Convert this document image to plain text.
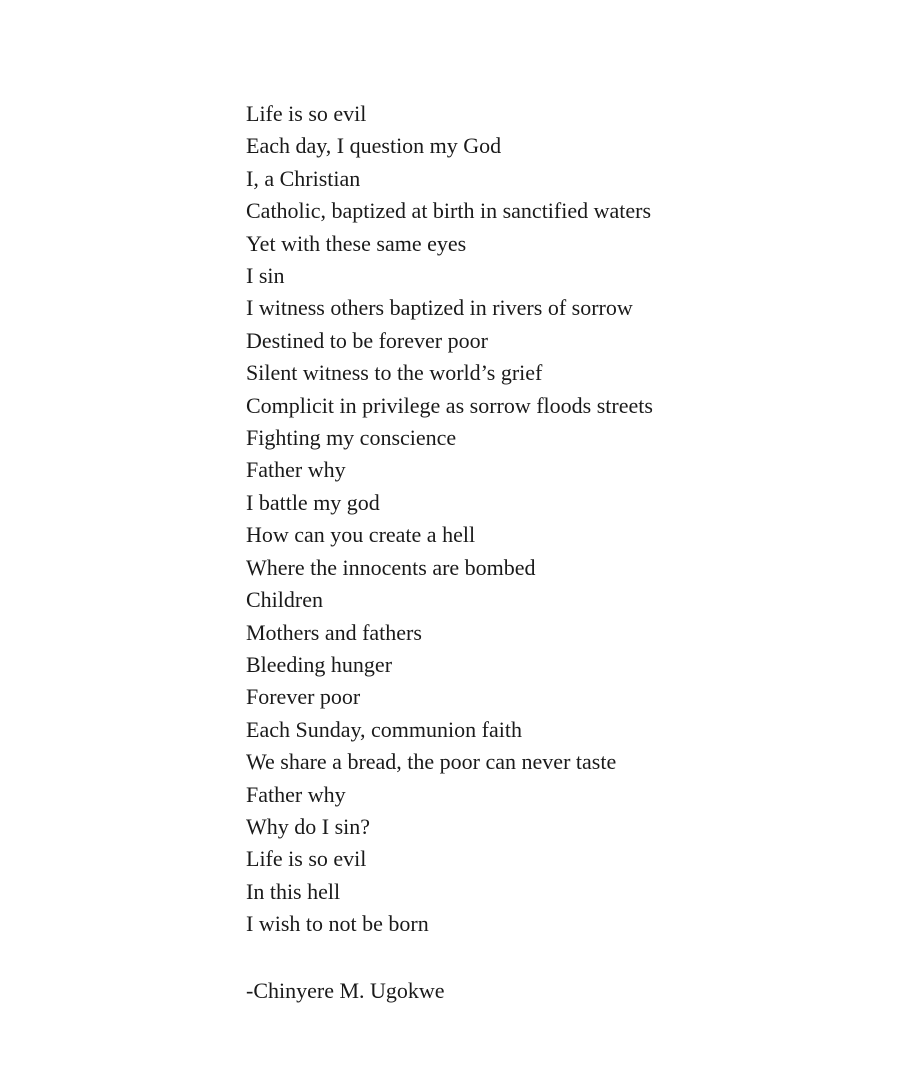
Life is so evil
Each day, I question my God
I, a Christian
Catholic, baptized at birth in sanctified waters
Yet with these same eyes
I sin
I witness others baptized in rivers of sorrow
Destined to be forever poor
Silent witness to the world’s grief
Complicit in privilege as sorrow floods streets
Fighting my conscience
Father why
I battle my god
How can you create a hell
Where the innocents are bombed
Children
Mothers and fathers
Bleeding hunger
Forever poor
Each Sunday, communion faith
We share a bread, the poor can never taste
Father why
Why do I sin?
Life is so evil
In this hell
I wish to not be born
-Chinyere M. Ugokwe
